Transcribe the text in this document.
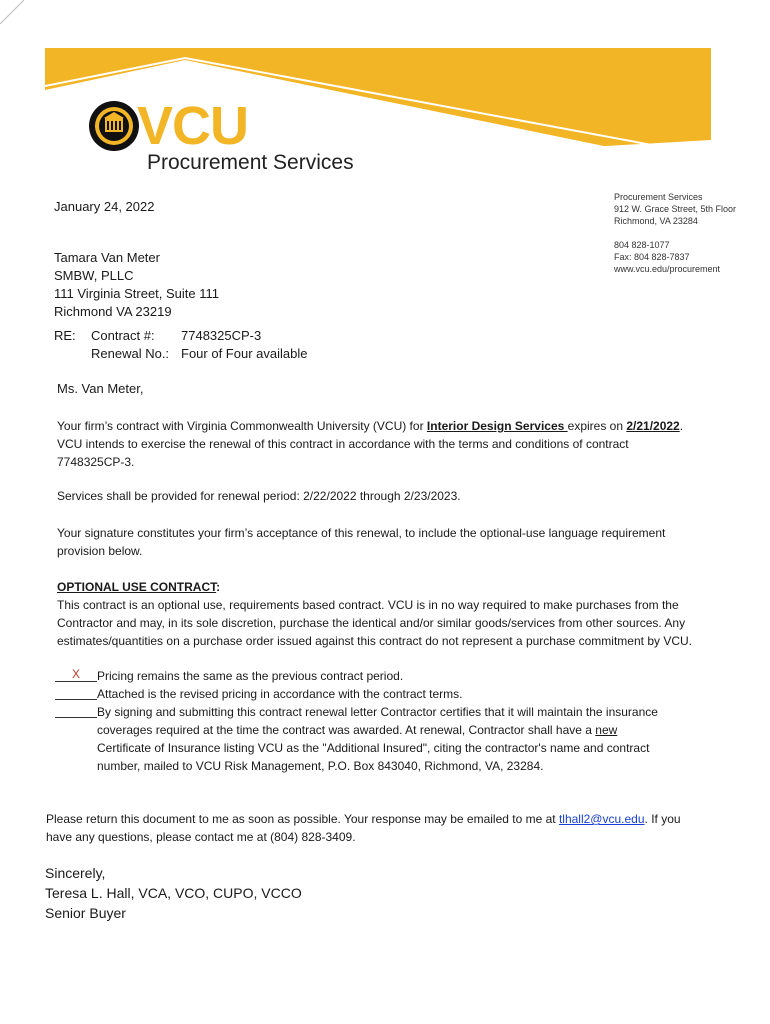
VCU
Procurement Services
Procurement Services
912 W. Grace Street, 5th Floor
Richmond, VA 23284
804 828-1077
Fax: 804 828-7837
www.vcu.edu/procurement
January 24, 2022
Tamara Van Meter
SMBW, PLLC
111 Virginia Street, Suite 111
Richmond VA 23219
RE: Contract #: 7748325CP-3
Renewal No.: Four of Four available
Ms. Van Meter,
Your firm’s contract with Virginia Commonwealth University (VCU) for Interior Design Services expires on 2/21/2022.
VCU intends to exercise the renewal of this contract in accordance with the terms and conditions of contract
7748325CP-3.
Services shall be provided for renewal period: 2/22/2022 through 2/23/2023.
Your signature constitutes your firm’s acceptance of this renewal, to include the optional-use language requirement
provision below.
OPTIONAL USE CONTRACT:
This contract is an optional use, requirements based contract. VCU is in no way required to make purchases from the
Contractor and may, in its sole discretion, purchase the identical and/or similar goods/services from other sources. Any
estimates/quantities on a purchase order issued against this contract do not represent a purchase commitment by VCU.
X	Pricing remains the same as the previous contract period.
Attached is the revised pricing in accordance with the contract terms.
By signing and submitting this contract renewal letter Contractor certifies that it will maintain the insurance
coverages required at the time the contract was awarded. At renewal, Contractor shall have a new
Certificate of Insurance listing VCU as the "Additional Insured", citing the contractor's name and contract
number, mailed to VCU Risk Management, P.O. Box 843040, Richmond, VA, 23284.
Please return this document to me as soon as possible. Your response may be emailed to me at tlhall2@vcu.edu. If you
have any questions, please contact me at (804) 828-3409.
Sincerely,
Teresa L. Hall, VCA, VCO, CUPO, VCCO
Senior Buyer
